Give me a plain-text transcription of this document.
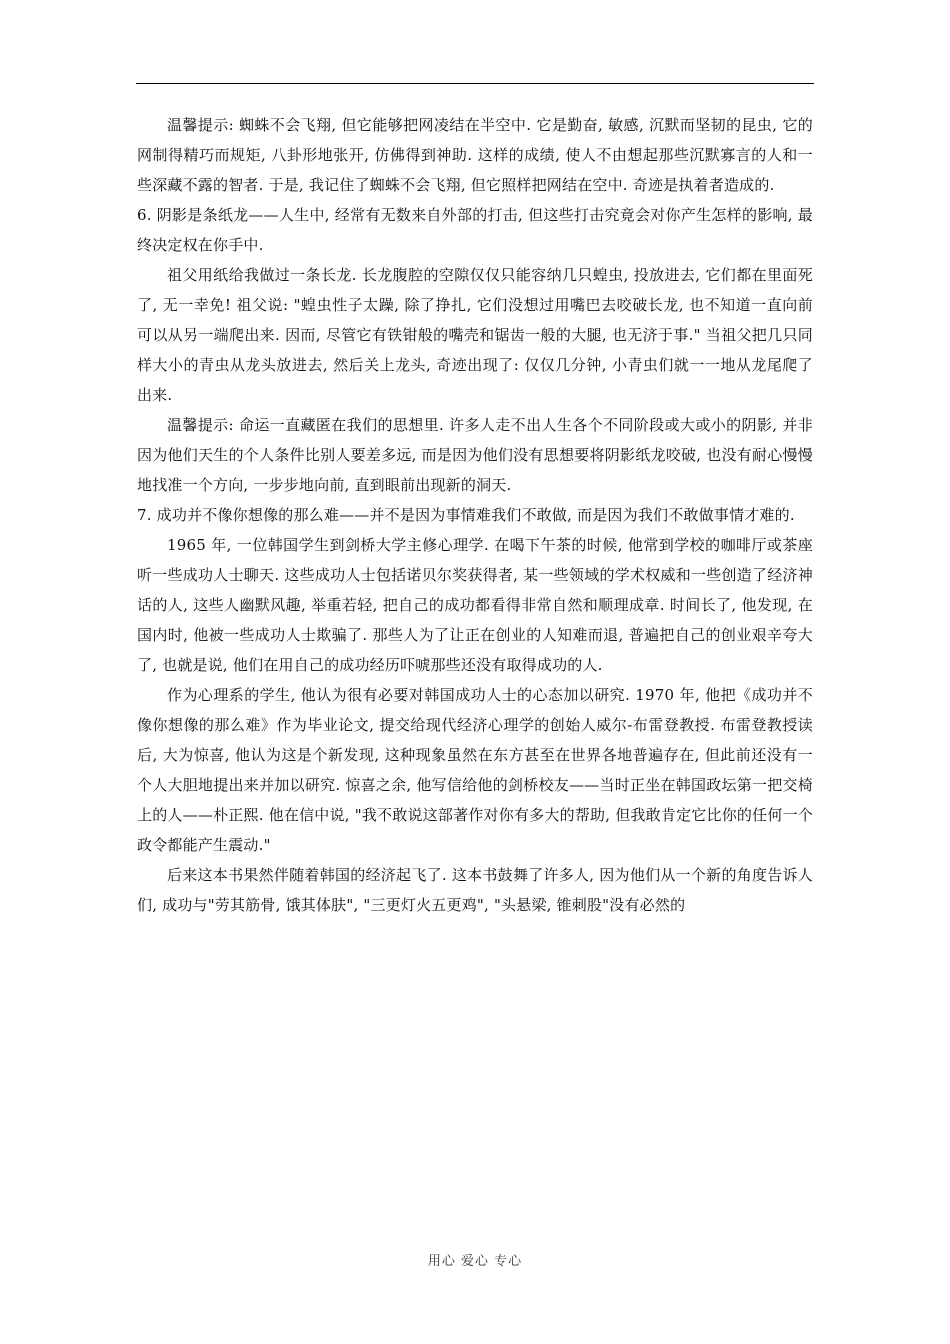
温馨提示: 蜘蛛不会飞翔, 但它能够把网凌结在半空中. 它是勤奋, 敏感, 沉默而坚韧的昆虫, 它的网制得精巧而规矩, 八卦形地张开, 仿佛得到神助. 这样的成绩, 使人不由想起那些沉默寡言的人和一些深藏不露的智者. 于是, 我记住了蜘蛛不会飞翔, 但它照样把网结在空中. 奇迹是执着者造成的.

6. 阴影是条纸龙——人生中, 经常有无数来自外部的打击, 但这些打击究竟会对你产生怎样的影响, 最终决定权在你手中.

祖父用纸给我做过一条长龙. 长龙腹腔的空隙仅仅只能容纳几只蝗虫, 投放进去, 它们都在里面死了, 无一幸免! 祖父说: "蝗虫性子太躁, 除了挣扎, 它们没想过用嘴巴去咬破长龙, 也不知道一直向前可以从另一端爬出来. 因而, 尽管它有铁钳般的嘴壳和锯齿一般的大腿, 也无济于事." 当祖父把几只同样大小的青虫从龙头放进去, 然后关上龙头, 奇迹出现了: 仅仅几分钟, 小青虫们就一一地从龙尾爬了出来.

温馨提示: 命运一直藏匿在我们的思想里. 许多人走不出人生各个不同阶段或大或小的阴影, 并非因为他们天生的个人条件比别人要差多远, 而是因为他们没有思想要将阴影纸龙咬破, 也没有耐心慢慢地找准一个方向, 一步步地向前, 直到眼前出现新的洞天.

7. 成功并不像你想像的那么难——并不是因为事情难我们不敢做, 而是因为我们不敢做事情才难的.

1965 年, 一位韩国学生到剑桥大学主修心理学. 在喝下午茶的时候, 他常到学校的咖啡厅或茶座听一些成功人士聊天. 这些成功人士包括诺贝尔奖获得者, 某一些领域的学术权威和一些创造了经济神话的人, 这些人幽默风趣, 举重若轻, 把自己的成功都看得非常自然和顺理成章. 时间长了, 他发现, 在国内时, 他被一些成功人士欺骗了. 那些人为了让正在创业的人知难而退, 普遍把自己的创业艰辛夸大了, 也就是说, 他们在用自己的成功经历吓唬那些还没有取得成功的人.

作为心理系的学生, 他认为很有必要对韩国成功人士的心态加以研究. 1970 年, 他把《成功并不像你想像的那么难》作为毕业论文, 提交给现代经济心理学的创始人威尔-布雷登教授. 布雷登教授读后, 大为惊喜, 他认为这是个新发现, 这种现象虽然在东方甚至在世界各地普遍存在, 但此前还没有一个人大胆地提出来并加以研究. 惊喜之余, 他写信给他的剑桥校友——当时正坐在韩国政坛第一把交椅上的人——朴正熙. 他在信中说, "我不敢说这部著作对你有多大的帮助, 但我敢肯定它比你的任何一个政令都能产生震动."

后来这本书果然伴随着韩国的经济起飞了. 这本书鼓舞了许多人, 因为他们从一个新的角度告诉人们, 成功与"劳其筋骨, 饿其体肤", "三更灯火五更鸡", "头悬梁, 锥刺股"没有必然的

用心 爱心 专心
